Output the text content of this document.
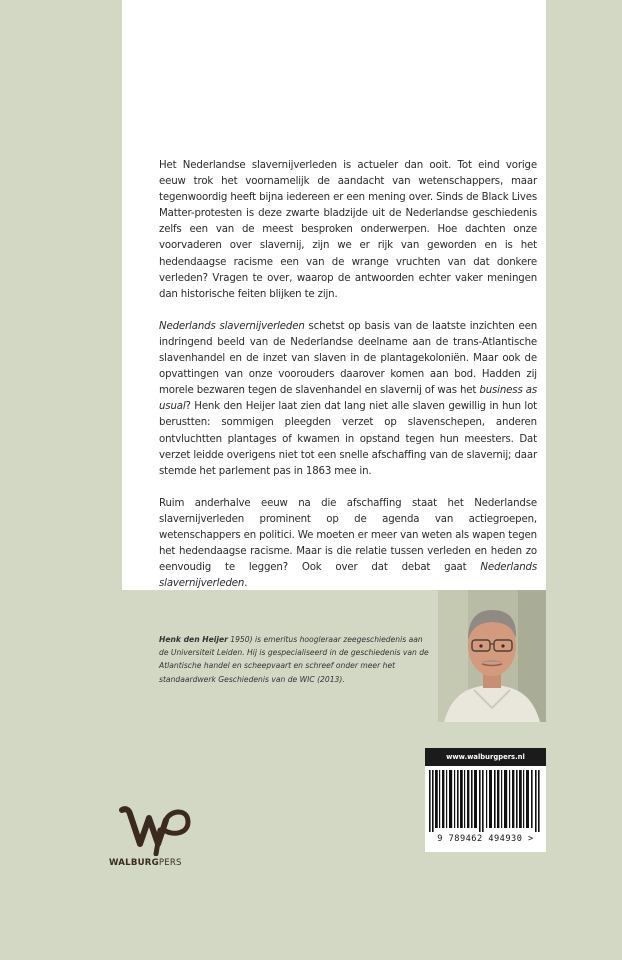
Het Nederlandse slavernijverleden is actueler dan ooit. Tot eind vorige eeuw trok het voornamelijk de aandacht van wetenschappers, maar tegenwoordig heeft bijna iedereen er een mening over. Sinds de Black Lives Matter-protesten is deze zwarte bladzijde uit de Nederlandse geschiedenis zelfs een van de meest besproken onderwerpen. Hoe dachten onze voorvaderen over slavernij, zijn we er rijk van geworden en is het hedendaagse racisme een van de wrange vruchten van dat donkere verleden? Vragen te over, waarop de antwoorden echter vaker meningen dan historische feiten blijken te zijn.

Nederlands slavernijverleden schetst op basis van de laatste inzichten een indringend beeld van de Nederlandse deelname aan de trans-Atlantische slavenhandel en de inzet van slaven in de plantagekoloniën. Maar ook de opvattingen van onze voorouders daarover komen aan bod. Hadden zij morele bezwaren tegen de slavenhandel en slavernij of was het business as usual? Henk den Heijer laat zien dat lang niet alle slaven gewillig in hun lot berustten: sommigen pleegden verzet op slavenschepen, anderen ontvluchtten plantages of kwamen in opstand tegen hun meesters. Dat verzet leidde overigens niet tot een snelle afschaffing van de slavernij; daar stemde het parlement pas in 1863 mee in.

Ruim anderhalve eeuw na die afschaffing staat het Nederlandse slavernijverleden prominent op de agenda van actiegroepen, wetenschappers en politici. We moeten er meer van weten als wapen tegen het hedendaagse racisme. Maar is die relatie tussen verleden en heden zo eenvoudig te leggen? Ook over dat debat gaat Nederlands slavernijverleden.

Henk den Heijer 1950) is emeritus hoogleraar zeegeschiedenis aan de Universiteit Leiden. Hij is gespecialiseerd in de geschiedenis van de Atlantische handel en scheepvaart en schreef onder meer het standaardwerk Geschiedenis van de WIC (2013).
WALBURGPERS
www.walburgpers.nl
9 789462 494930 >
